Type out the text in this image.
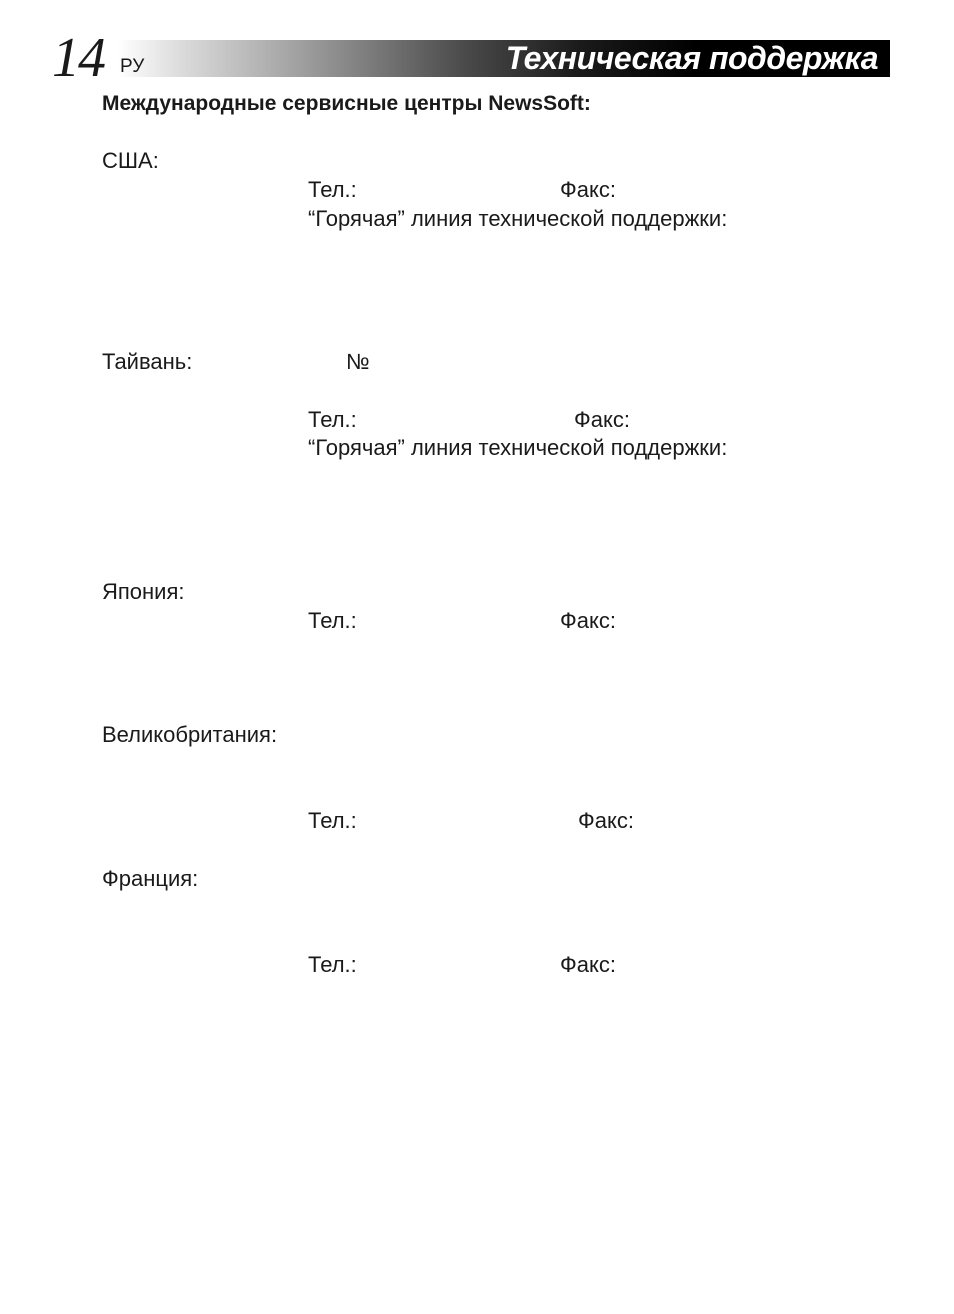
14 РУ	Техническая поддержка
Международные сервисные центры NewsSoft:
США:
Тел.:	Факс:
“Горячая” линия технической поддержки:
Тайвань:	№
Тел.:	Факс:
“Горячая” линия технической поддержки:
Япония:
Тел.:	Факс:
Великобритания:
Тел.:	Факс:
Франция:
Тел.:	Факс:
